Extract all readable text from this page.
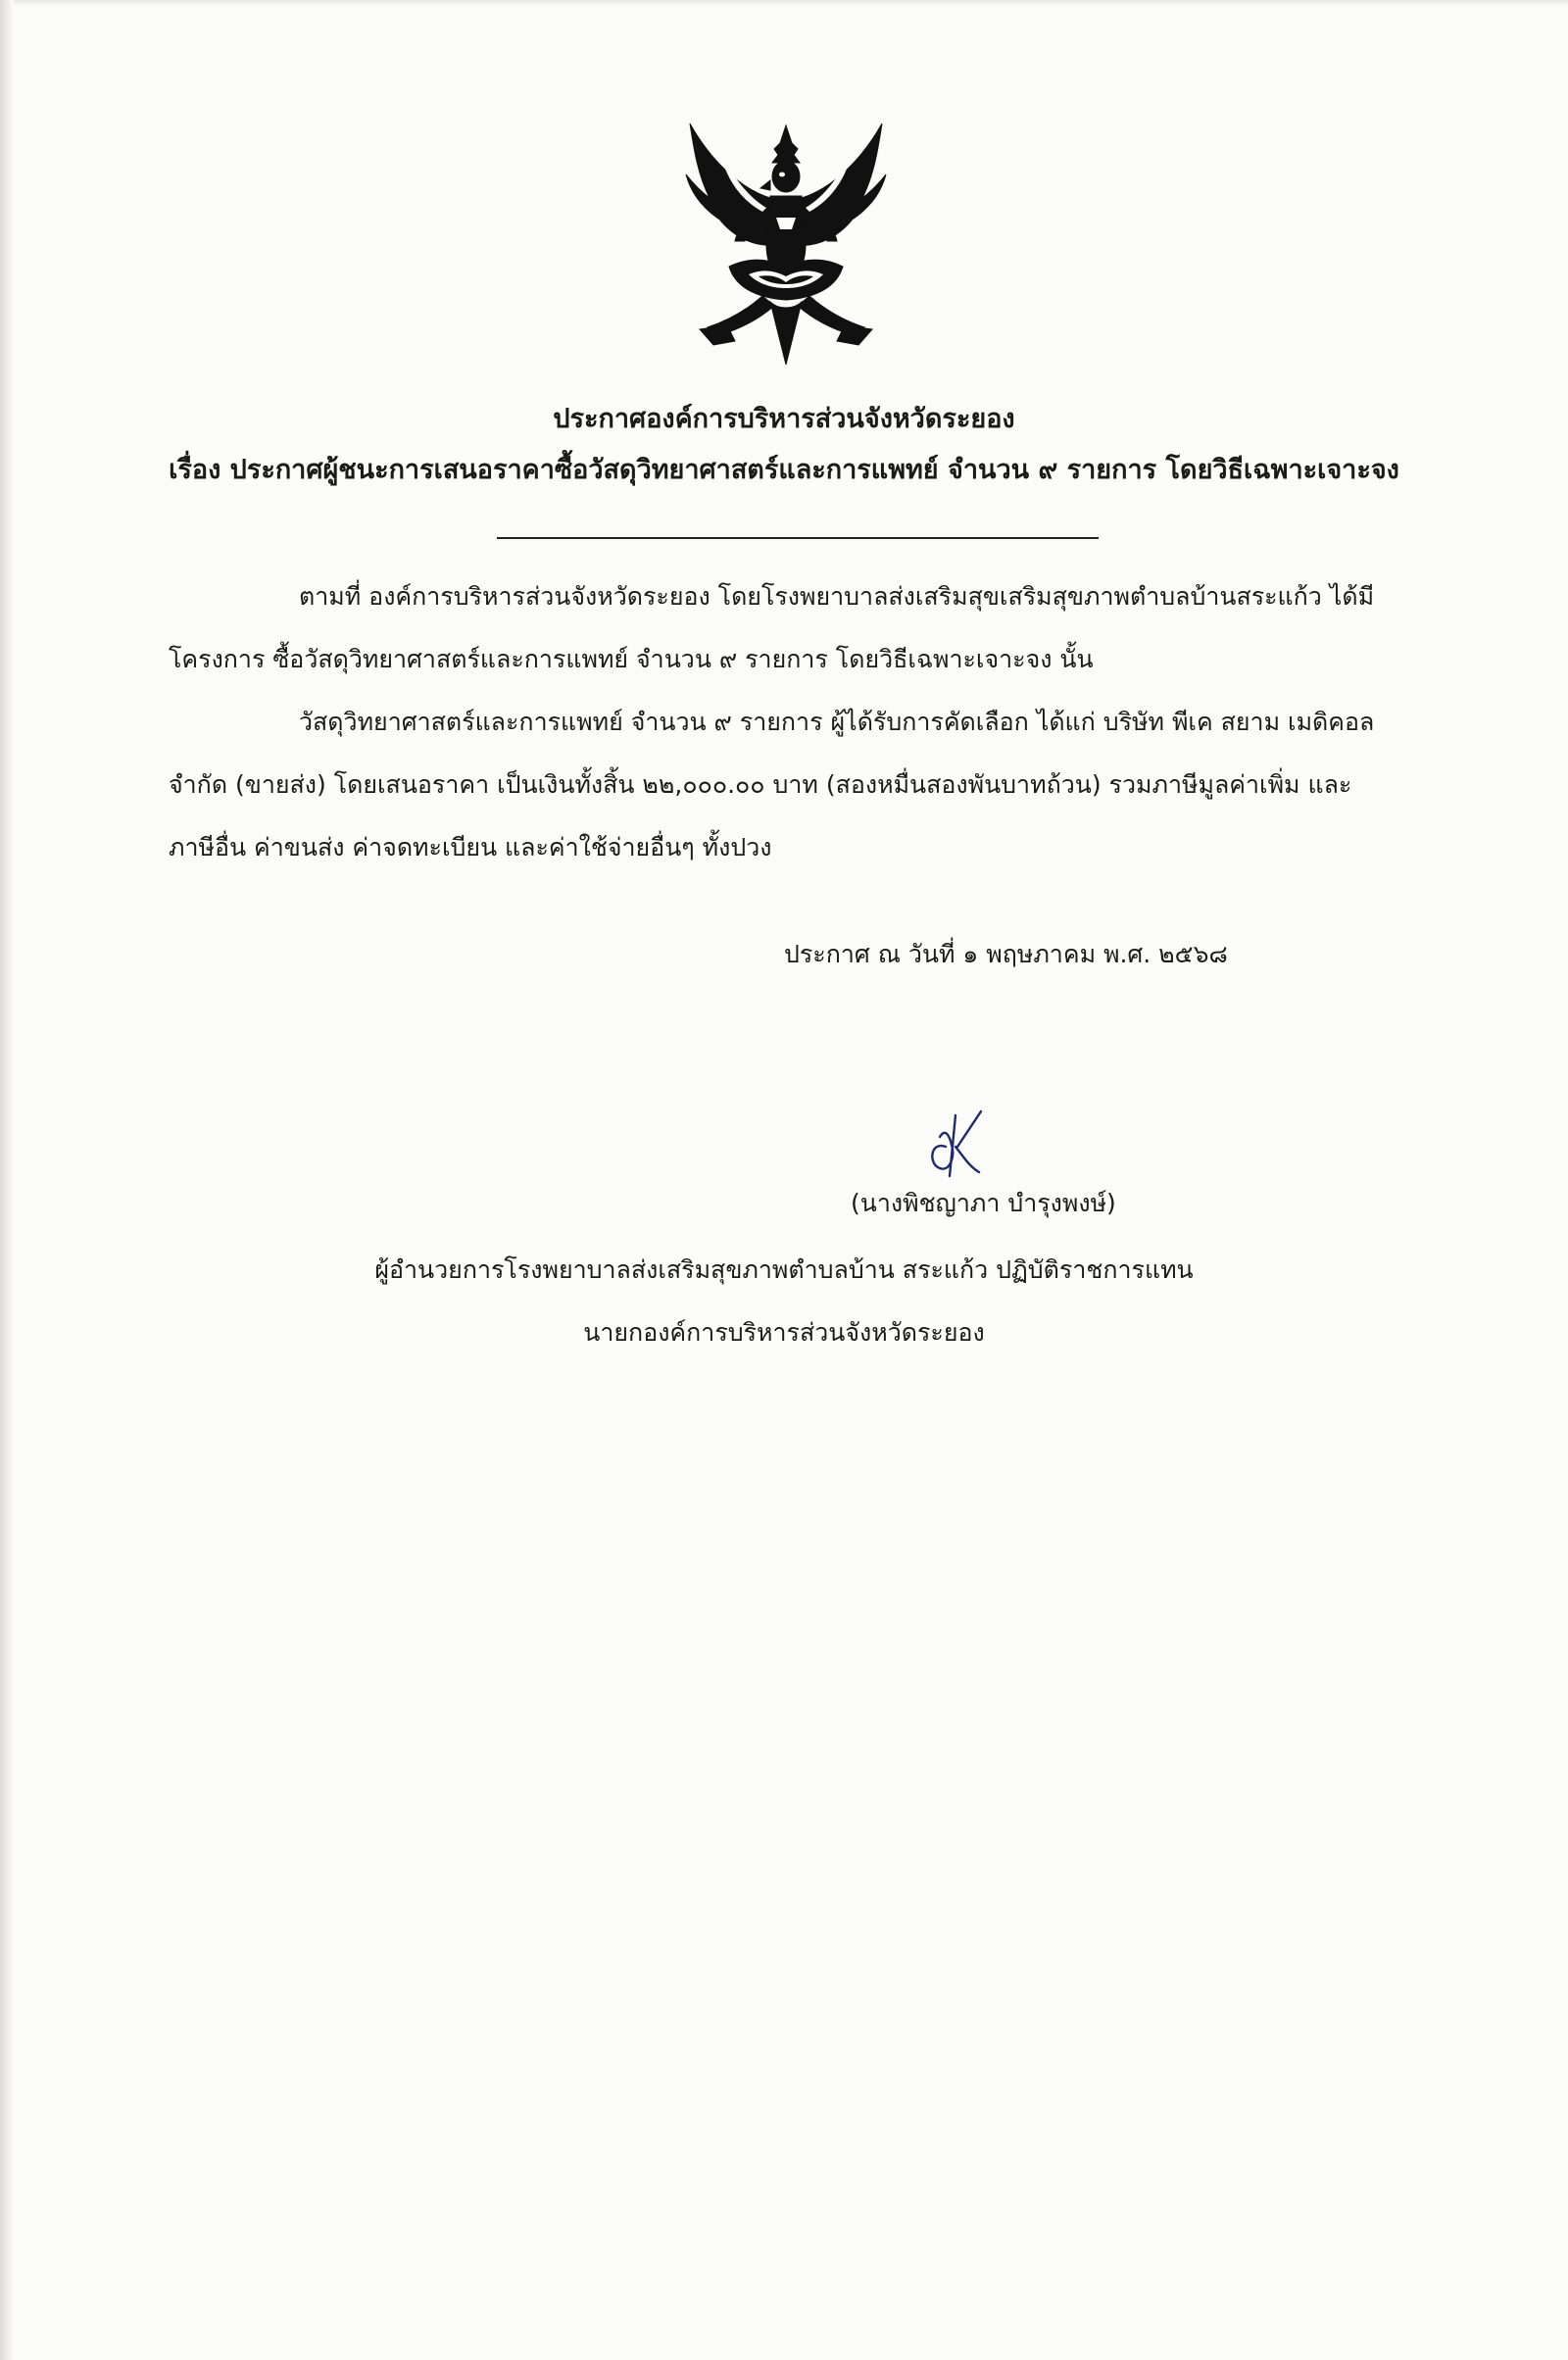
ประกาศองค์การบริหารส่วนจังหวัดระยอง

เรื่อง ประกาศผู้ชนะการเสนอราคาซื้อวัสดุวิทยาศาสตร์และการแพทย์ จำนวน ๙ รายการ โดยวิธีเฉพาะเจาะจง

ตามที่ องค์การบริหารส่วนจังหวัดระยอง โดยโรงพยาบาลส่งเสริมสุขเสริมสุขภาพตำบลบ้านสระแก้ว ได้มี

โครงการ ซื้อวัสดุวิทยาศาสตร์และการแพทย์ จำนวน ๙ รายการ โดยวิธีเฉพาะเจาะจง นั้น

วัสดุวิทยาศาสตร์และการแพทย์ จำนวน ๙ รายการ ผู้ได้รับการคัดเลือก ได้แก่ บริษัท พีเค สยาม เมดิคอล

จำกัด (ขายส่ง) โดยเสนอราคา เป็นเงินทั้งสิ้น ๒๒,๐๐๐.๐๐ บาท (สองหมื่นสองพันบาทถ้วน) รวมภาษีมูลค่าเพิ่ม และ

ภาษีอื่น ค่าขนส่ง ค่าจดทะเบียน และค่าใช้จ่ายอื่นๆ ทั้งปวง

ประกาศ ณ วันที่ ๑ พฤษภาคม พ.ศ. ๒๕๖๘
(นางพิชญาภา บำรุงพงษ์)
ผู้อำนวยการโรงพยาบาลส่งเสริมสุขภาพตำบลบ้าน สระแก้ว ปฏิบัติราชการแทน
นายกองค์การบริหารส่วนจังหวัดระยอง
